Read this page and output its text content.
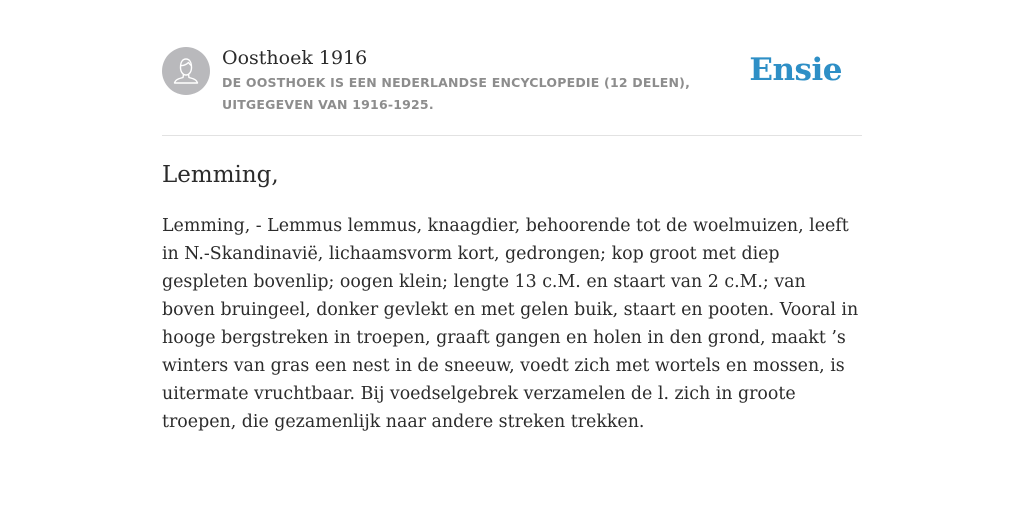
Oosthoek 1916
DE OOSTHOEK IS EEN NEDERLANDSE ENCYCLOPEDIE (12 DELEN), UITGEGEVEN VAN 1916-1925.
Ensie
Lemming,

Lemming, - Lemmus lemmus, knaagdier, behoorende tot de woelmuizen, leeft in N.-Skandinavië, lichaamsvorm kort, gedrongen; kop groot met diep gespleten bovenlip; oogen klein; lengte 13 c.M. en staart van 2 c.M.; van boven bruingeel, donker gevlekt en met gelen buik, staart en pooten. Vooral in hooge bergstreken in troepen, graaft gangen en holen in den grond, maakt ’s winters van gras een nest in de sneeuw, voedt zich met wortels en mossen, is uitermate vruchtbaar. Bij voedselgebrek verzamelen de l. zich in groote troepen, die gezamenlijk naar andere streken trekken.
